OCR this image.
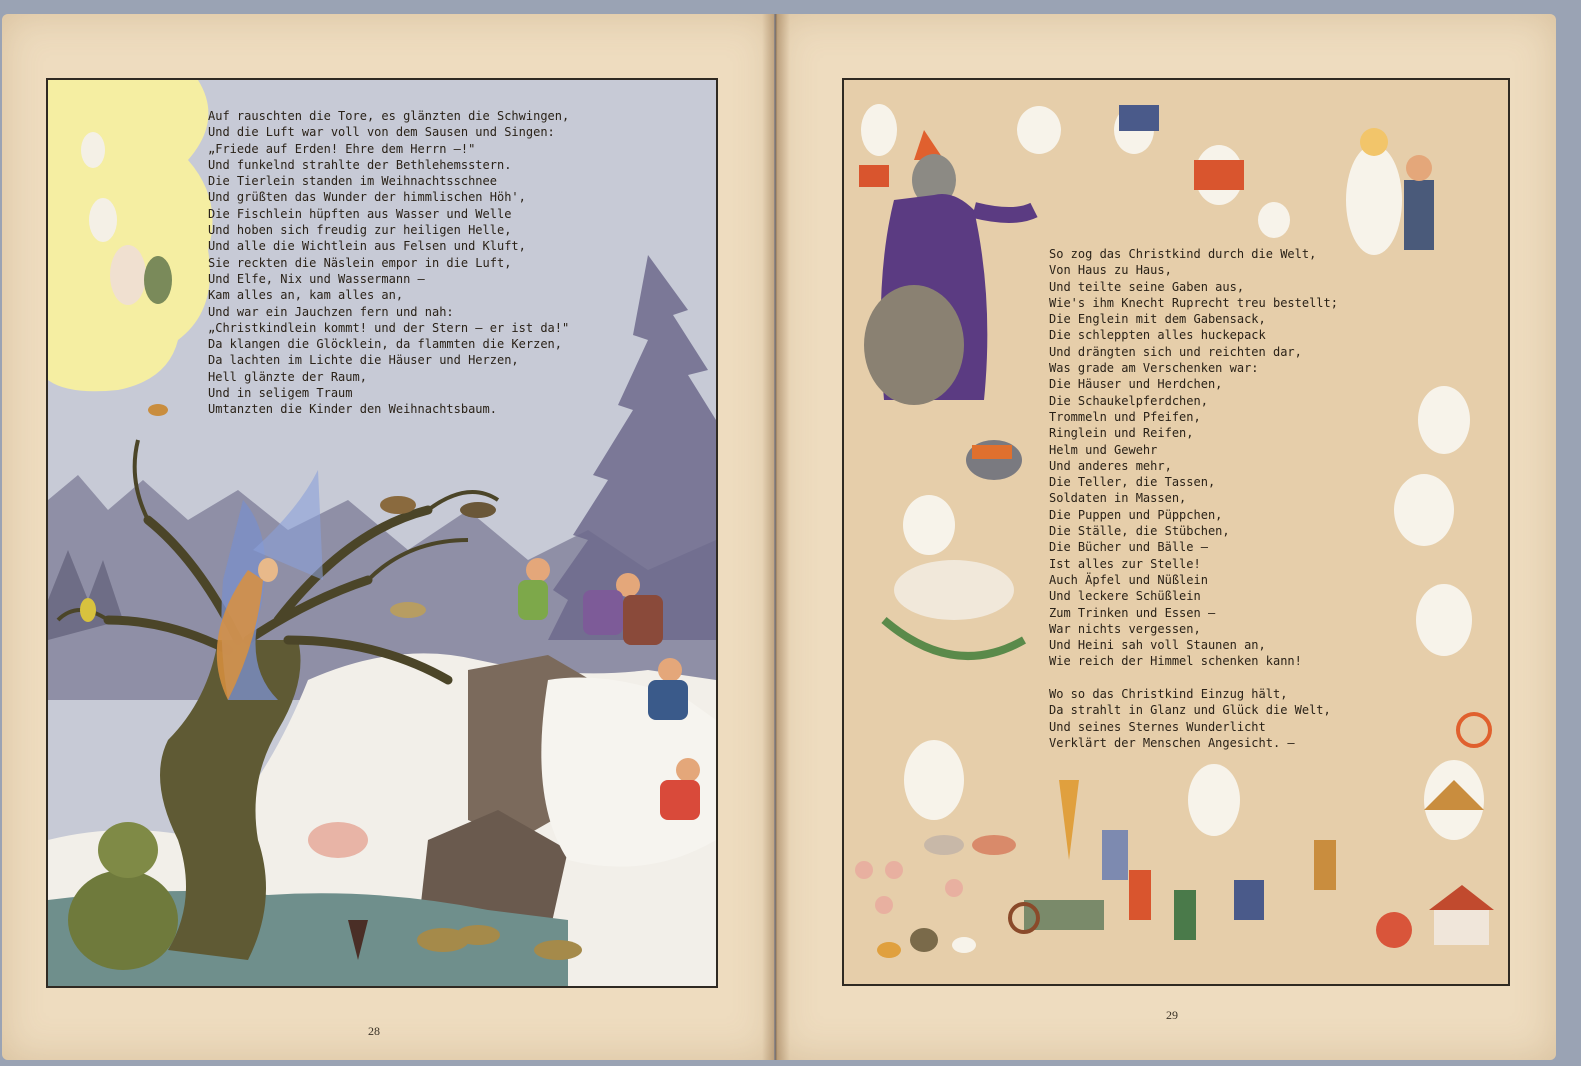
Auf rauschten die Tore, es glänzten die Schwingen,
Und die Luft war voll von dem Sausen und Singen:
„Friede auf Erden! Ehre dem Herrn —!"
Und funkelnd strahlte der Bethlehemsstern.
Die Tierlein standen im Weihnachtsschnee
Und grüßten das Wunder der himmlischen Höh',
Die Fischlein hüpften aus Wasser und Welle
Und hoben sich freudig zur heiligen Helle,
Und alle die Wichtlein aus Felsen und Kluft,
Sie reckten die Näslein empor in die Luft,
Und Elfe, Nix und Wassermann —
Kam alles an, kam alles an,
Und war ein Jauchzen fern und nah:
„Christkindlein kommt! und der Stern — er ist da!"
Da klangen die Glöcklein, da flammten die Kerzen,
Da lachten im Lichte die Häuser und Herzen,
Hell glänzte der Raum,
Und in seligem Traum
Umtanzten die Kinder den Weihnachtsbaum.
28
So zog das Christkind durch die Welt,
Von Haus zu Haus,
Und teilte seine Gaben aus,
Wie's ihm Knecht Ruprecht treu bestellt;
Die Englein mit dem Gabensack,
Die schleppten alles huckepack
Und drängten sich und reichten dar,
Was grade am Verschenken war:
Die Häuser und Herdchen,
Die Schaukelpferdchen,
Trommeln und Pfeifen,
Ringlein und Reifen,
Helm und Gewehr
Und anderes mehr,
Die Teller, die Tassen,
Soldaten in Massen,
Die Puppen und Püppchen,
Die Ställe, die Stübchen,
Die Bücher und Bälle —
Ist alles zur Stelle!
Auch Äpfel und Nüßlein
Und leckere Schüßlein
Zum Trinken und Essen —
War nichts vergessen,
Und Heini sah voll Staunen an,
Wie reich der Himmel schenken kann!

Wo so das Christkind Einzug hält,
Da strahlt in Glanz und Glück die Welt,
Und seines Sternes Wunderlicht
Verklärt der Menschen Angesicht. —
29
